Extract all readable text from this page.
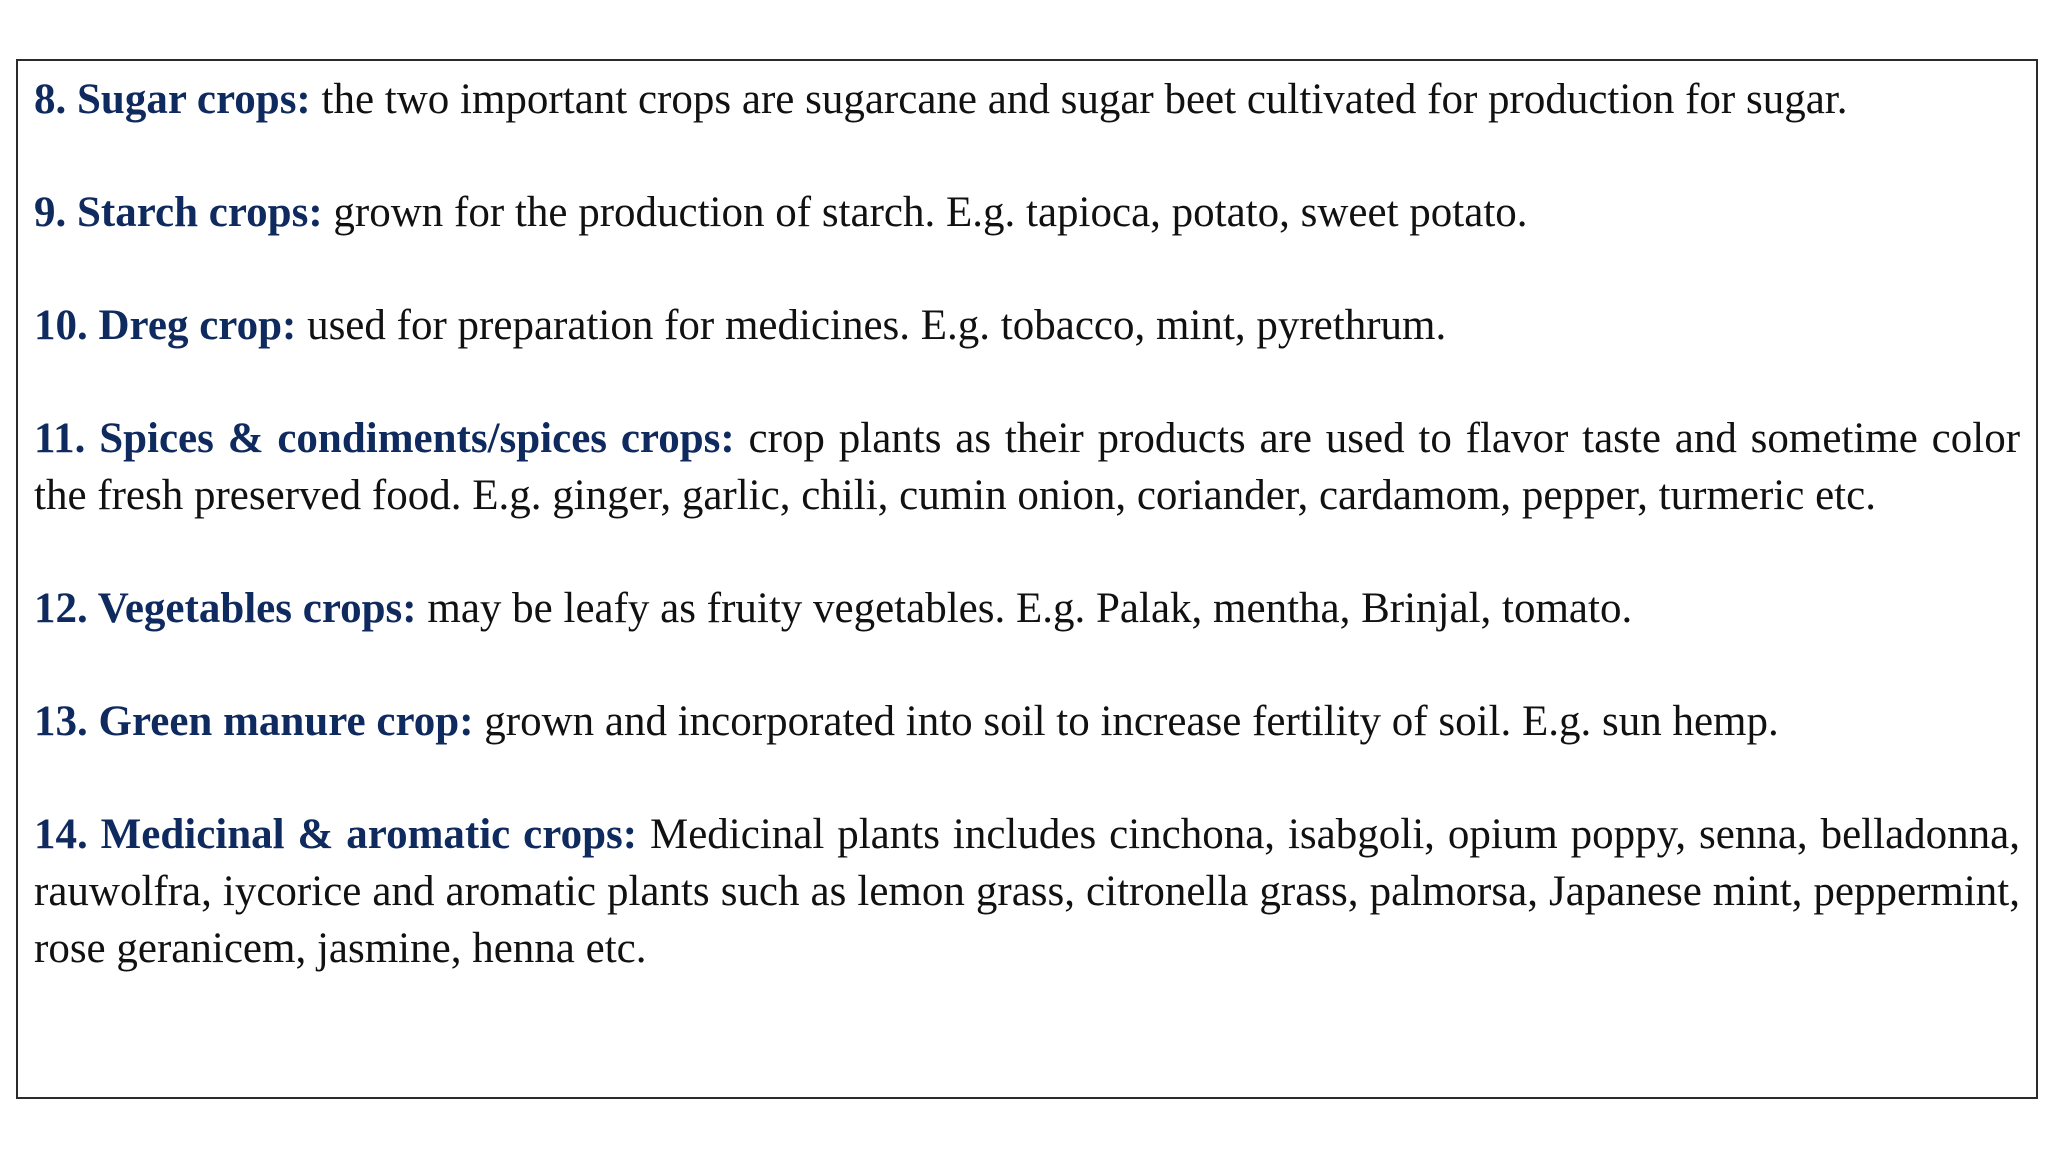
8. Sugar crops: the two important crops are sugarcane and sugar beet cultivated for production for sugar.

9. Starch crops: grown for the production of starch. E.g. tapioca, potato, sweet potato.

10. Dreg crop: used for preparation for medicines. E.g. tobacco, mint, pyrethrum.

11. Spices & condiments/spices crops: crop plants as their products are used to flavor taste and sometime color the fresh preserved food. E.g. ginger, garlic, chili, cumin onion, coriander, cardamom, pepper, turmeric etc.

12. Vegetables crops: may be leafy as fruity vegetables. E.g. Palak, mentha, Brinjal, tomato.

13. Green manure crop: grown and incorporated into soil to increase fertility of soil. E.g. sun hemp.

14. Medicinal & aromatic crops: Medicinal plants includes cinchona, isabgoli, opium poppy, senna, belladonna, rauwolfra, iycorice and aromatic plants such as lemon grass, citronella grass, palmorsa, Japanese mint, peppermint, rose geranicem, jasmine, henna etc.
